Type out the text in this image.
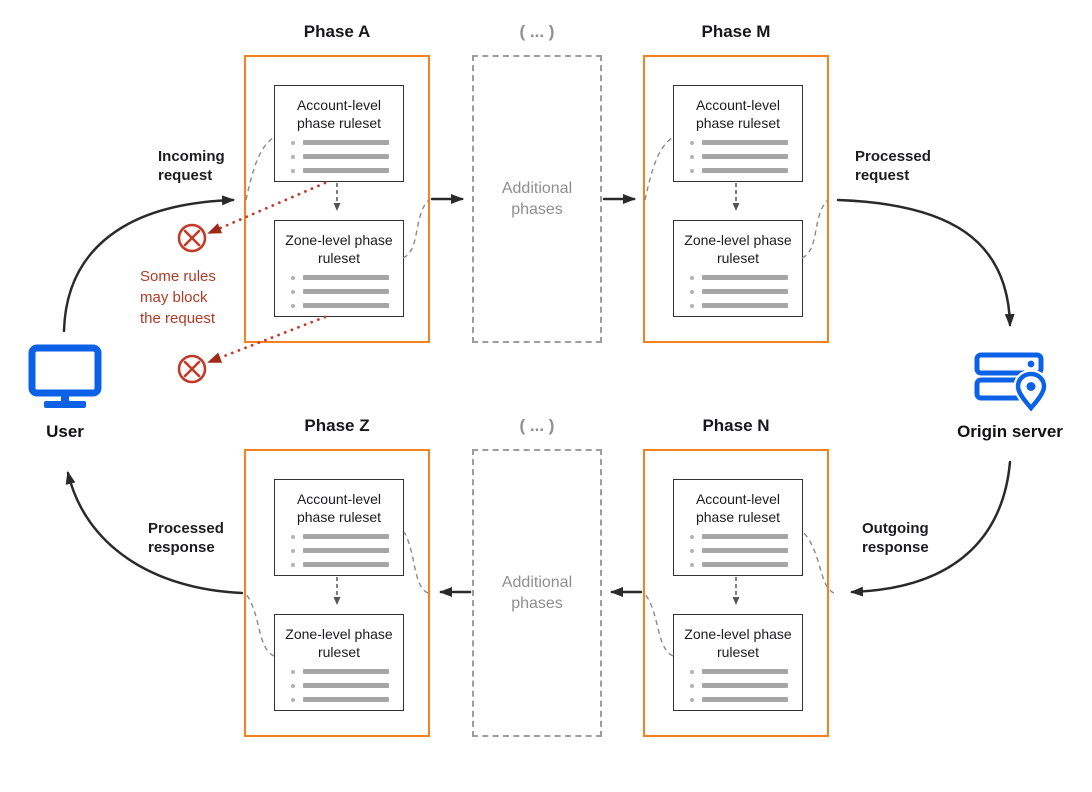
Phase A	( ... )	Phase M
Phase Z	( ... )	Phase N
Account-level phase ruleset
Zone-level phase ruleset
Additional phases
Account-level phase ruleset
Zone-level phase ruleset
Account-level phase ruleset
Zone-level phase ruleset
Additional phases
Account-level phase ruleset
Zone-level phase ruleset
User	Origin server
Incoming request
Processed request
Outgoing response
Processed response
Some rules may block the request
